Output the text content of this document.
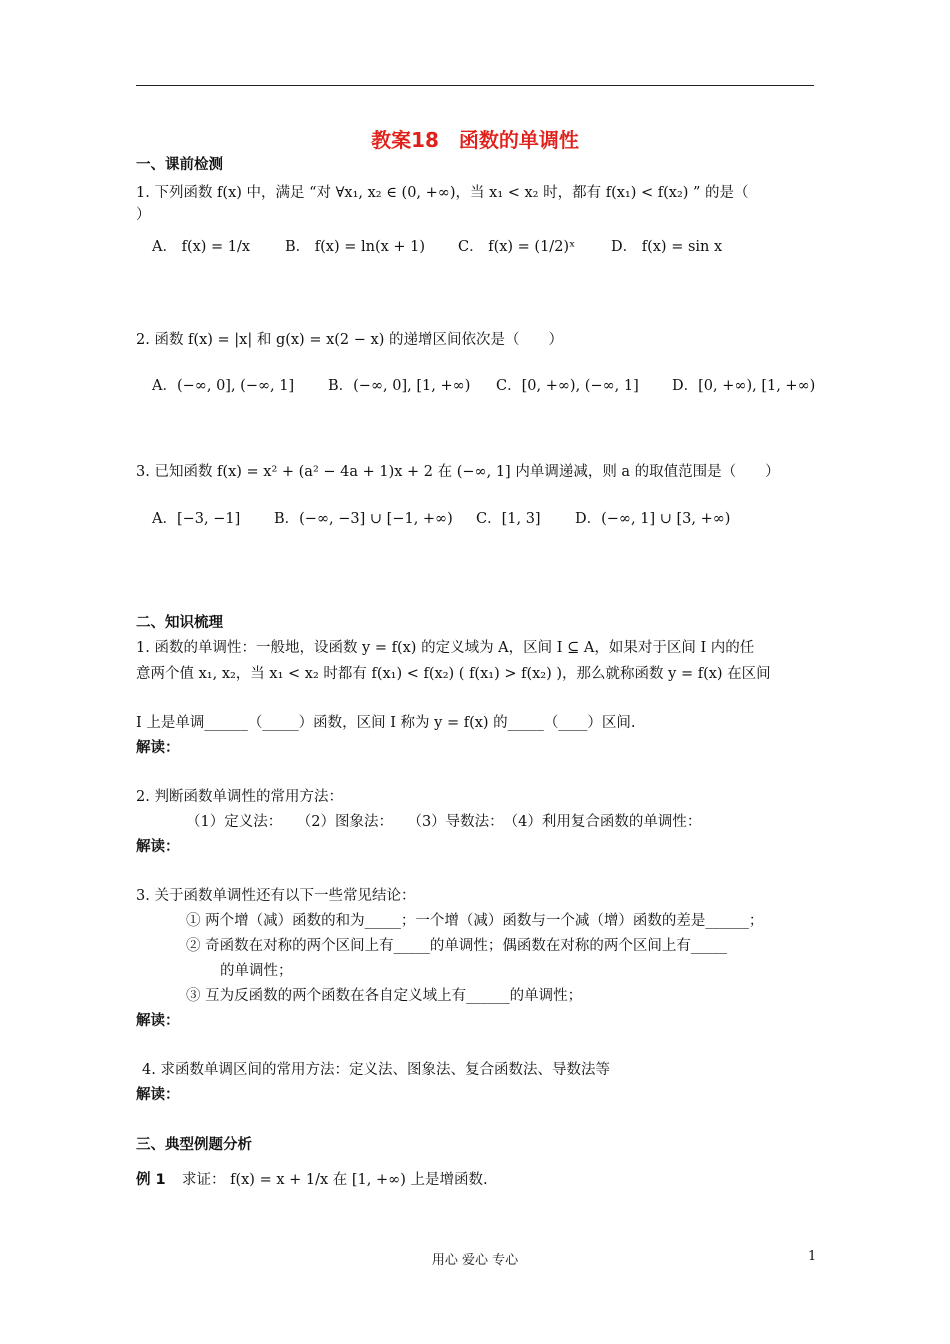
教案18　函数的单调性
一、课前检测
1. 下列函数 f(x) 中，满足 “对 ∀x₁, x₂ ∈ (0, +∞)，当 x₁ < x₂ 时，都有 f(x₁) < f(x₂) ” 的是（
）
A． f(x) = 1/x B． f(x) = ln(x + 1) C． f(x) = (1/2)ˣ D． f(x) = sin x
2. 函数 f(x) = |x| 和 g(x) = x(2 − x) 的递增区间依次是（　　）
A．(−∞, 0], (−∞, 1] B．(−∞, 0], [1, +∞) C．[0, +∞), (−∞, 1] D．[0, +∞), [1, +∞)
3. 已知函数 f(x) = x² + (a² − 4a + 1)x + 2 在 (−∞, 1] 内单调递减，则 a 的取值范围是（　　）
A．[−3, −1] B．(−∞, −3] ∪ [−1, +∞) C．[1, 3] D．(−∞, 1] ∪ [3, +∞)
二、知识梳理
1. 函数的单调性：一般地，设函数 y = f(x) 的定义域为 A，区间 I ⊆ A，如果对于区间 I 内的任
意两个值 x₁, x₂，当 x₁ < x₂ 时都有 f(x₁) < f(x₂) ( f(x₁) > f(x₂) )，那么就称函数 y = f(x) 在区间
I 上是单调______（_____）函数，区间 I 称为 y = f(x) 的_____（____）区间.
解读：
2. 判断函数单调性的常用方法：
（1）定义法：　　（2）图象法：　　（3）导数法：　（4）利用复合函数的单调性：
解读：
3. 关于函数单调性还有以下一些常见结论：
① 两个增（减）函数的和为_____；一个增（减）函数与一个减（增）函数的差是______；
② 奇函数在对称的两个区间上有_____的单调性；偶函数在对称的两个区间上有_____
的单调性；
③ 互为反函数的两个函数在各自定义域上有______的单调性；
解读：
4. 求函数单调区间的常用方法：定义法、图象法、复合函数法、导数法等
解读：
三、典型例题分析
例 1 求证： f(x) = x + 1/x 在 [1, +∞) 上是增函数.
用心 爱心 专心	1
